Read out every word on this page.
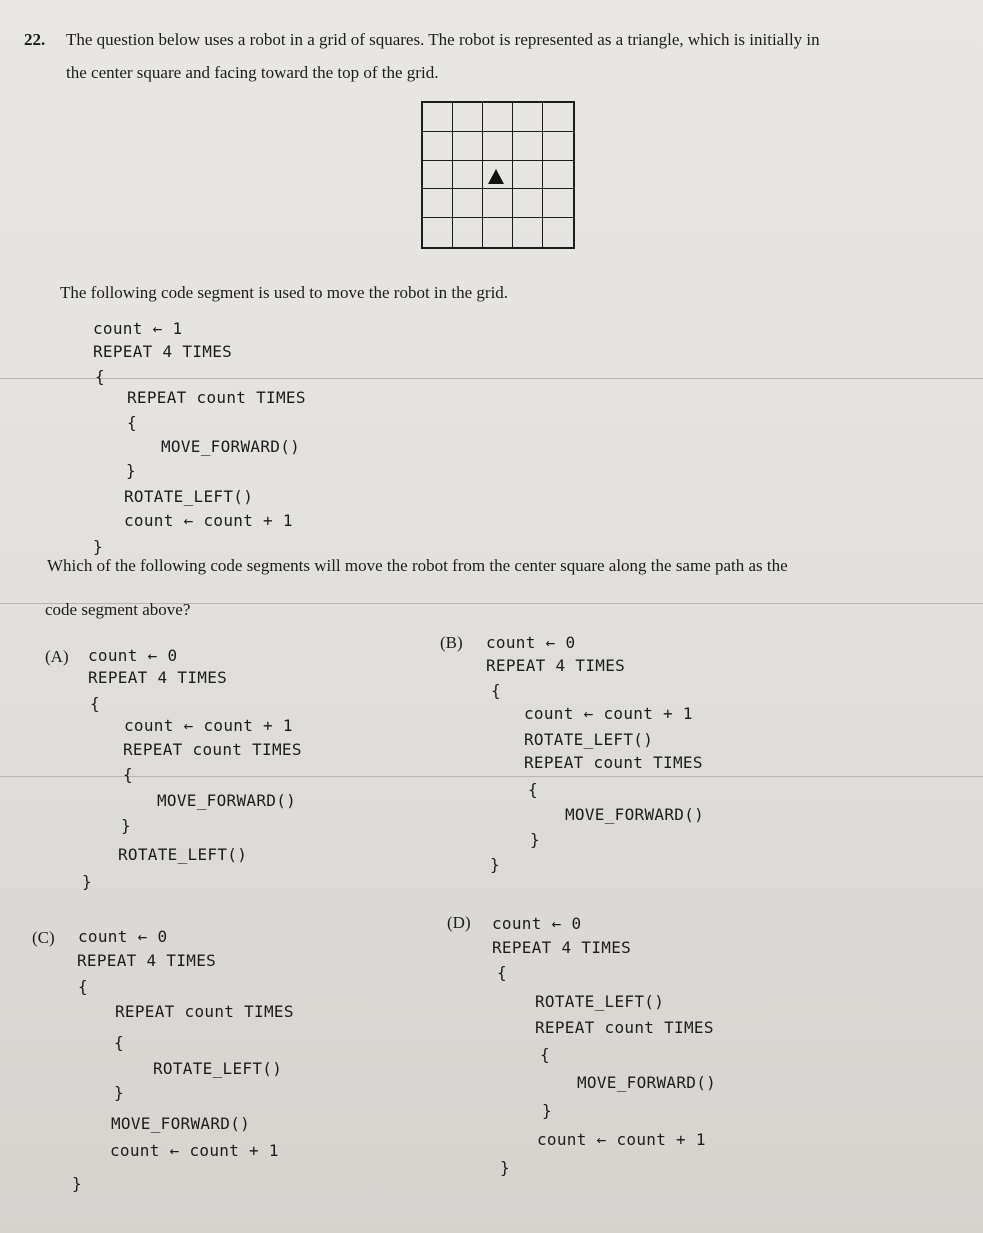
22. The question below uses a robot in a grid of squares. The robot is represented as a triangle, which is initially in
the center square and facing toward the top of the grid.
The following code segment is used to move the robot in the grid.
count ← 1
REPEAT 4 TIMES
{
REPEAT count TIMES
{
MOVE_FORWARD()
}
ROTATE_LEFT()
count ← count + 1
}
Which of the following code segments will move the robot from the center square along the same path as the
code segment above?
(A) count ← 0
REPEAT 4 TIMES
{
count ← count + 1
REPEAT count TIMES
{
MOVE_FORWARD()
}
ROTATE_LEFT()
}
(B) count ← 0
REPEAT 4 TIMES
{
count ← count + 1
ROTATE_LEFT()
REPEAT count TIMES
{
MOVE_FORWARD()
}
}
(C) count ← 0
REPEAT 4 TIMES
{
REPEAT count TIMES
{
ROTATE_LEFT()
}
MOVE_FORWARD()
count ← count + 1
}
(D) count ← 0
REPEAT 4 TIMES
{
ROTATE_LEFT()
REPEAT count TIMES
{
MOVE_FORWARD()
}
count ← count + 1
}
